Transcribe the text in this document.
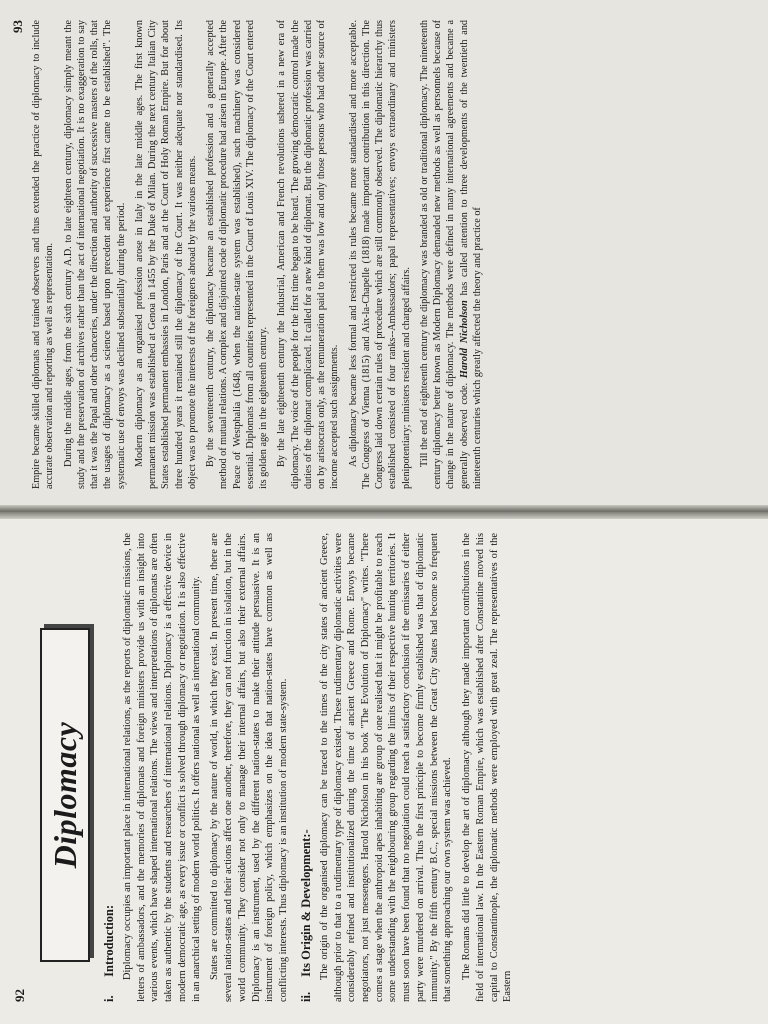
92
Diplomacy
i. Introduction: Diplomacy occupies an important place in international relations, as the reports of diplomatic missions, the letters of ambassadors, and the memories of diplomats and foreign ministers provide us with an insight into various events, which have shaped international relations. The views and interpretations of diplomats are often taken as authentic by the students and researchers of international relations. Diplomacy is a effective device in modern democratic age, as every issue or conflict is solved through diplomacy or negotiation. It is also effective in an anarchical setting of modern world politics. It offers national as well as international community. States are committed to diplomacy by the nature of world, in which they exist. In present time, there are several nation-states and their actions affect one another, therefore, they can not function in isolation, but in the world community. They consider not only to manage their internal affairs, but also their external affairs. Diplomacy is an instrument, used by the different nation-states to make their attitude persuasive. It is an instrument of foreign policy, which emphasizes on the idea that nation-states have common as well as conflicting interests. Thus diplomacy is an institution of modern state-system. ii. Its Origin & Development:- The origin of the organised diplomacy can be traced to the times of the city states of ancient Greece, although prior to that to a rudimentary type of diplomacy existed. These rudimentary diplomatic activities were considerably refined and institutionalized during the time of ancient Greece and Rome. Envoys became negotiators, not just messengers. Harold Nicholson in his book "The Evolution of Diplomacy" writes. "There comes a stage when the anthropoid apes inhabiting are group of one realised that it might be profitable to reach some understanding with the neighbouring group regarding the limits of their respective hunting territories. It must soon have been found that no negotiation could reach a satisfactory conclusion if the emissaries of either party were murdered on arrival. Thus the first principle to become firmly established was that of diplomatic immunity." By the fifth century B.C., special missions between the Great City States had become so frequent that something approaching our own system was achieved. The Romans did little to develop the art of diplomacy although they made important contributions in the field of international law. In the Eastern Roman Empire, which was established after Constantine moved his capital to Constantinople, the diplomatic methods were employed with great zeal. The representatives of the Eastern

93 Empire became skilled diplomats and trained observers and thus extended the practice of diplomacy to include accurate observation and reporting as well as representation. During the middle ages, from the sixth century A.D. to late eighteen century, diplomacy simply meant the study and the preservation of archives rather than the act of international negotiation. It is no exaggeration to say that it was the Papal and other chanceries, under the direction and authority of successive masters of the rolls, that the usages of diplomacy as a science based upon precedent and experience first came to be established". The systematic use of envoys was declined substantially during the period. Modern diplomacy as an organised profession arose in Italy in the late middle ages. The first known permanent mission was established at Genoa in 1455 by the Duke of Milan. During the next century Italian City States established permanent embassies in London, Paris and at the Court of Holy Roman Empire. But for about three hundred years it remained still the diplomacy of the Court. It was neither adequate nor standardised. Its object was to promote the interests of the foreigners abroad by the various means. By the seventeenth century, the diplomacy became an established profession and a generally accepted method of mutual relations. A complex and disjointed code of diplomatic procedure had arisen in Europe. After the Peace of Westphalia (1648, when the nation-state system was established), such machinery was considered essential. Diplomats from all countries represented in the Court of Louis XIV. The diplomacy of the Court entered its golden age in the eighteenth century. By the late eighteenth century the Industrial, American and French revolutions ushered in a new era of diplomacy. The voice of the people for the first time began to be heard. The growing democratic control made the duties of the diplomat complicated. It called for a new kind of diplomat. But the diplomatic profession was carried on by aristocrats only, as the remuneration paid to them was low and only those persons who had other source of income accepted such assignments. As diplomacy became less formal and restricted its rules became more standardised and more acceptable. The Congress of Vienna (1815) and Aix-la-Chapelle (1818) made important contribution in this direction. The Congress laid down certain rules of procedure which are still commonly observed. The diplomatic hierarchy thus established consisted of four ranks--Ambassadors; papal representatives; envoys extraordinary and ministers plenipotentiary; ministers resident and charged affairs. Till the end of eighteenth century the diplomacy was branded as old or traditional diplomacy. The nineteenth century diplomacy better known as Modern Diplomacy demanded new methods as well as personnels because of change in the nature of diplomacy. The methods were defined in many international agreements and became a generally observed code. Harold Nicholson has called attention to three developments of the twentieth and nineteenth centuries which greatly affected the theory and practice of
